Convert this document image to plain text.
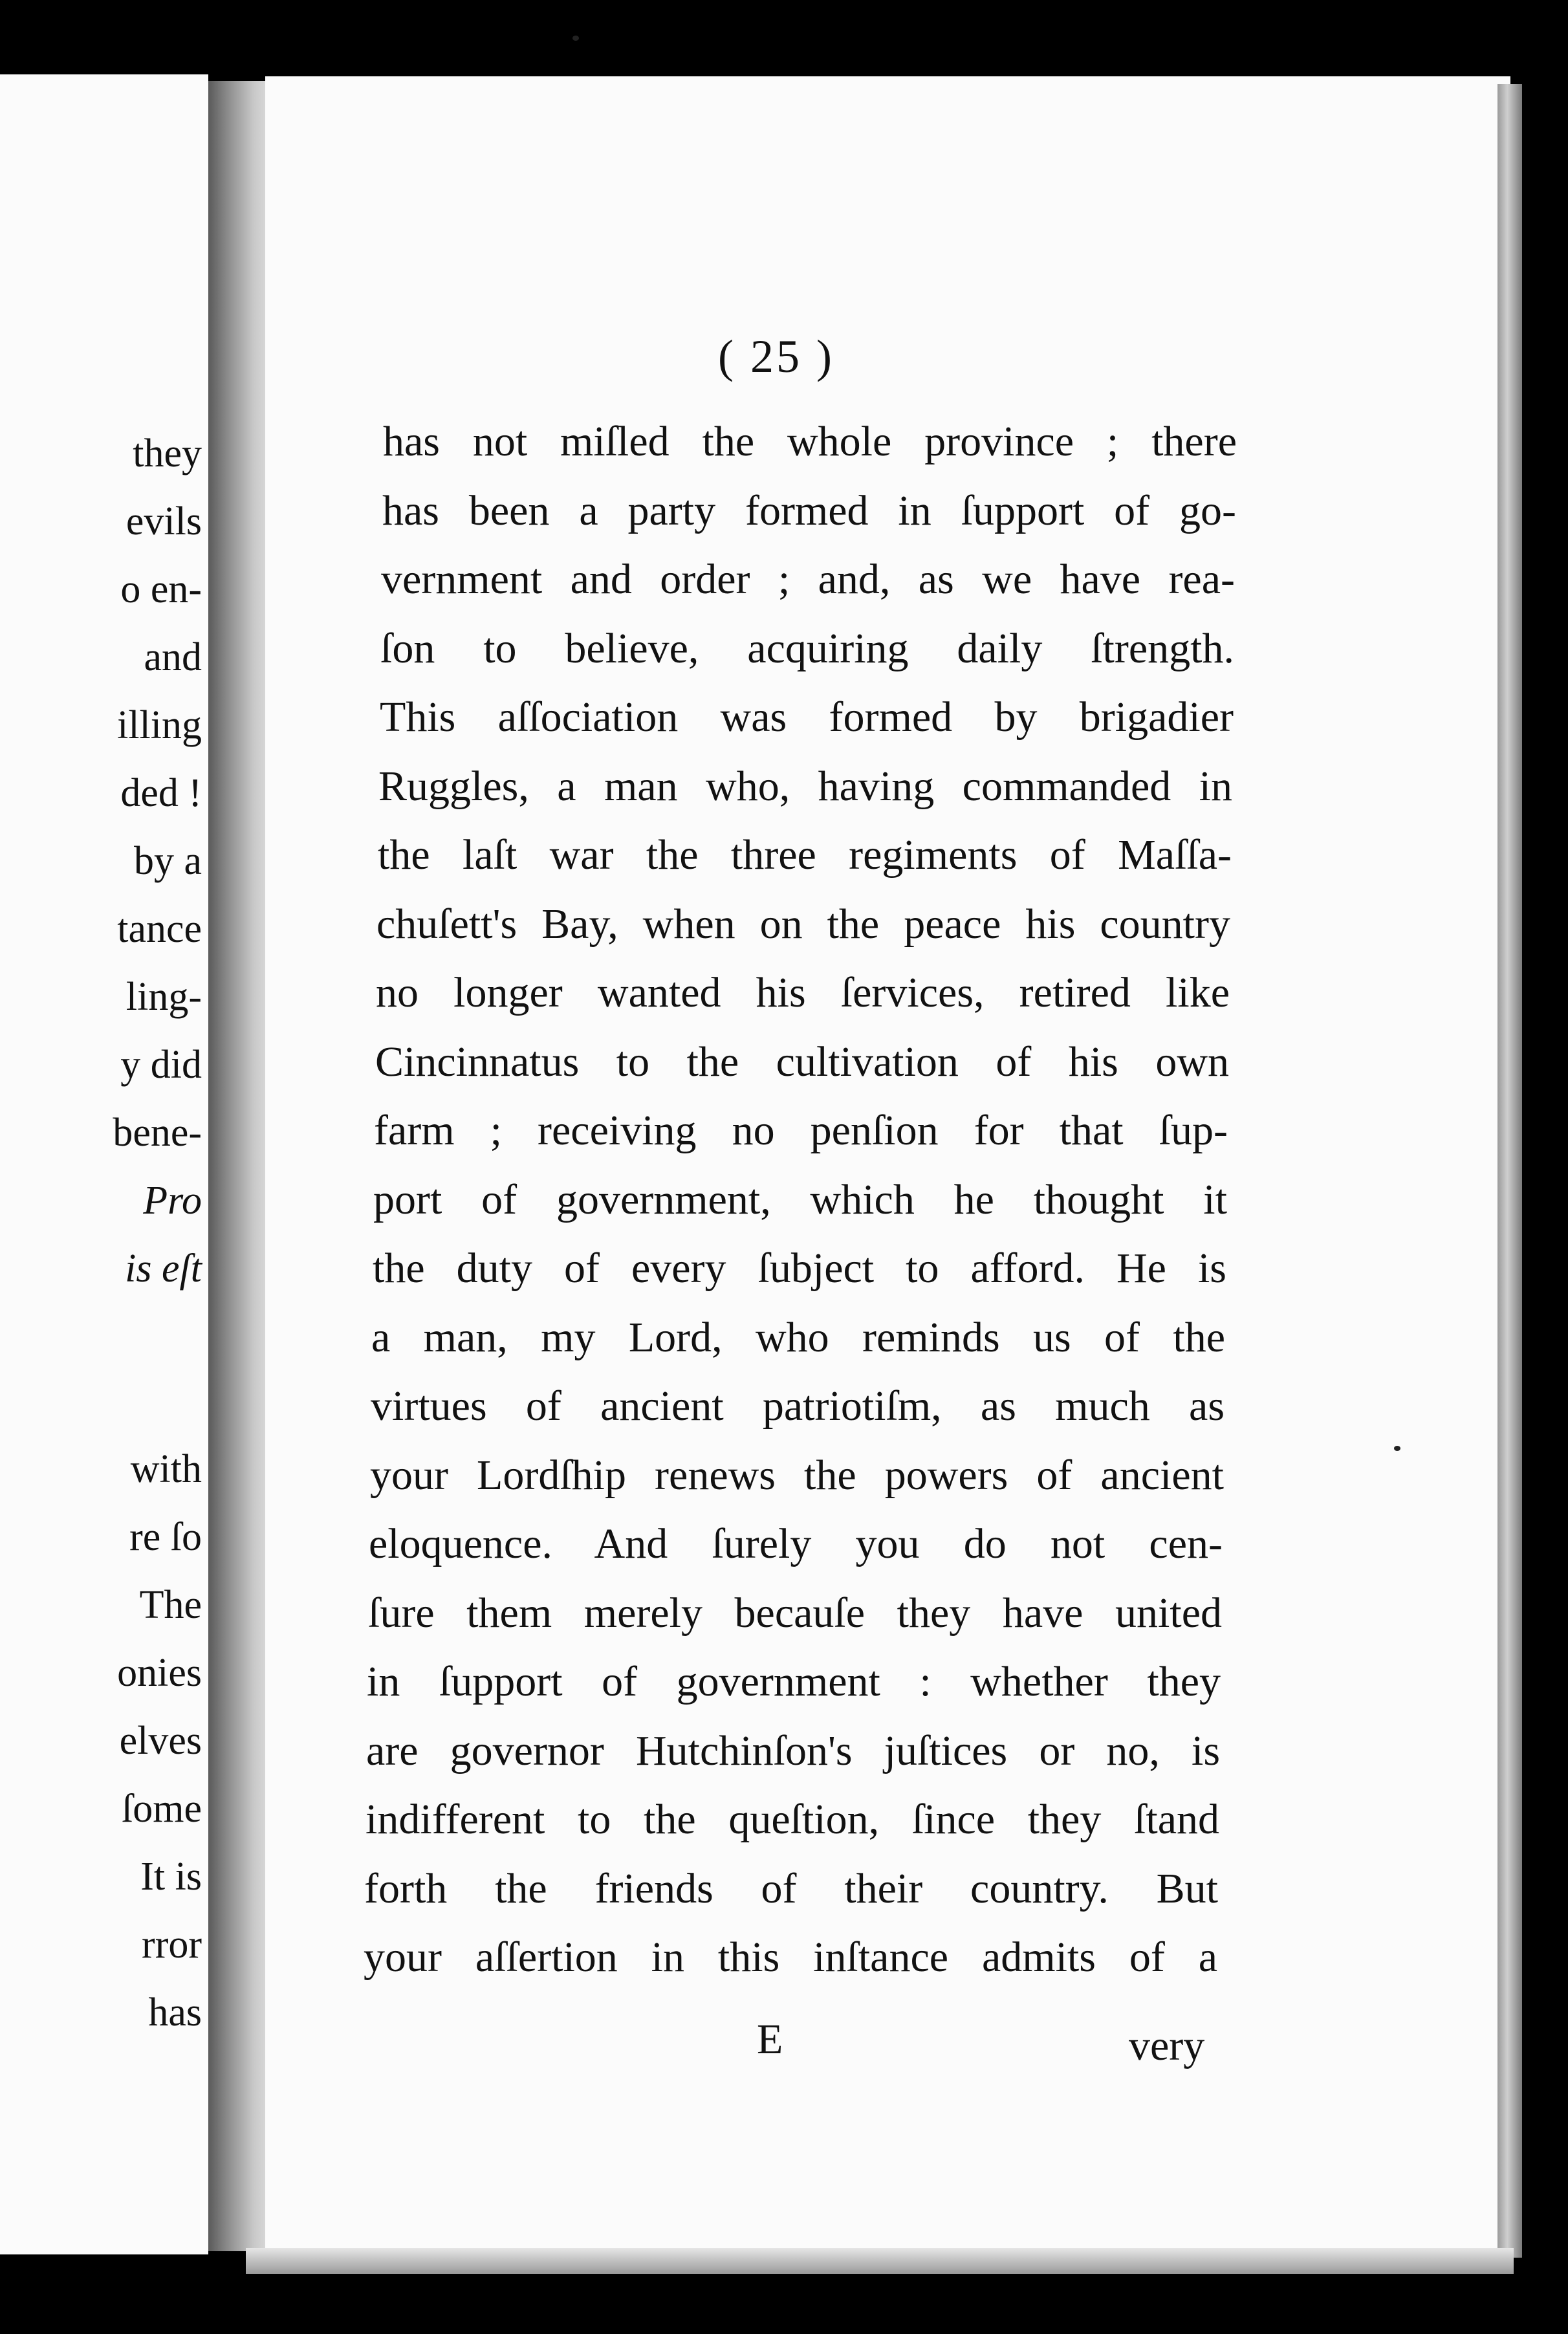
they
evils
o en-
and
illing
ded !
by a
tance
ling-
y did
bene-
Pro
is eſt
with
re ſo
The
onies
elves
ſome
It is
rror
has
( 25 )
has not miſled the whole province ; there
has been a party formed in ſupport of go-
vernment and order ; and, as we have rea-
ſon to believe, acquiring daily ſtrength.
This aſſociation was formed by brigadier
Ruggles, a man who, having commanded in
the laſt war the three regiments of Maſſa-
chuſett's Bay, when on the peace his country
no longer wanted his ſervices, retired like
Cincinnatus to the cultivation of his own
farm ; receiving no penſion for that ſup-
port of government, which he thought it
the duty of every ſubject to afford. He is
a man, my Lord, who reminds us of the
virtues of ancient patriotiſm, as much as
your Lordſhip renews the powers of ancient
eloquence. And ſurely you do not cen-
ſure them merely becauſe they have united
in ſupport of government : whether they
are governor Hutchinſon's juſtices or no, is
indifferent to the queſtion, ſince they ſtand
forth the friends of their country. But
your aſſertion in this inſtance admits of a
E	very
